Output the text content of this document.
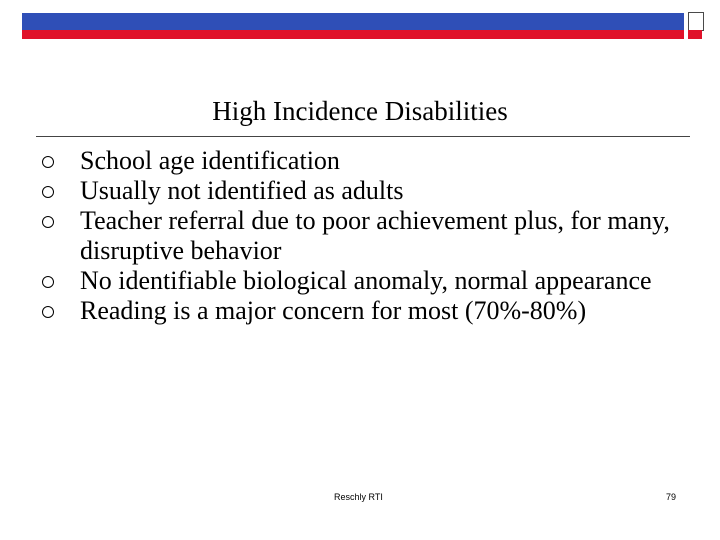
High Incidence Disabilities
School age identification
Usually not identified as adults
Teacher referral due to poor achievement plus, for many, disruptive behavior
No identifiable biological anomaly, normal appearance
Reading is a major concern for most (70%-80%)
Reschly RTI	79
